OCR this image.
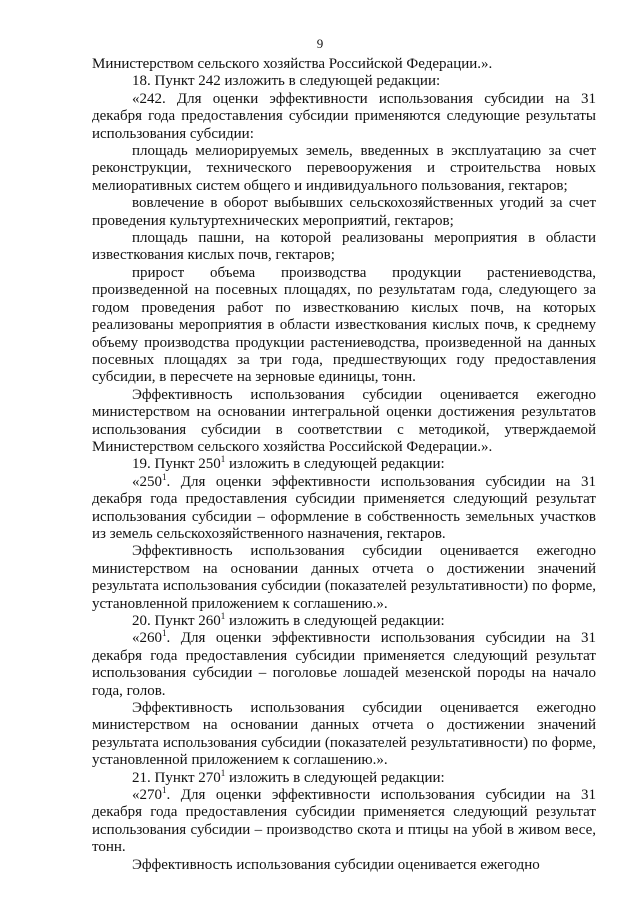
9

Министерством сельского хозяйства Российской Федерации.».

18. Пункт 242 изложить в следующей редакции:

«242. Для оценки эффективности использования субсидии на 31 декабря года предоставления субсидии применяются следующие результаты использования субсидии:

площадь мелиорируемых земель, введенных в эксплуатацию за счет реконструкции, технического перевооружения и строительства новых мелиоративных систем общего и индивидуального пользования, гектаров;

вовлечение в оборот выбывших сельскохозяйственных угодий за счет проведения культуртехнических мероприятий, гектаров;

площадь пашни, на которой реализованы мероприятия в области известкования кислых почв, гектаров;

прирост объема производства продукции растениеводства, произведенной на посевных площадях, по результатам года, следующего за годом проведения работ по известкованию кислых почв, на которых реализованы мероприятия в области известкования кислых почв, к среднему объему производства продукции растениеводства, произведенной на данных посевных площадях за три года, предшествующих году предоставления субсидии, в пересчете на зерновые единицы, тонн.

Эффективность использования субсидии оценивается ежегодно министерством на основании интегральной оценки достижения результатов использования субсидии в соответствии с методикой, утверждаемой Министерством сельского хозяйства Российской Федерации.».

19. Пункт $250^1$ изложить в следующей редакции:

«$250^1$. Для оценки эффективности использования субсидии на 31 декабря года предоставления субсидии применяется следующий результат использования субсидии – оформление в собственность земельных участков из земель сельскохозяйственного назначения, гектаров.

Эффективность использования субсидии оценивается ежегодно министерством на основании данных отчета о достижении значений результата использования субсидии (показателей результативности) по форме, установленной приложением к соглашению.».

20. Пункт $260^1$ изложить в следующей редакции:

«$260^1$. Для оценки эффективности использования субсидии на 31 декабря года предоставления субсидии применяется следующий результат использования субсидии – поголовье лошадей мезенской породы на начало года, голов.

Эффективность использования субсидии оценивается ежегодно министерством на основании данных отчета о достижении значений результата использования субсидии (показателей результативности) по форме, установленной приложением к соглашению.».

21. Пункт $270^1$ изложить в следующей редакции:

«$270^1$. Для оценки эффективности использования субсидии на 31 декабря года предоставления субсидии применяется следующий результат использования субсидии – производство скота и птицы на убой в живом весе, тонн.

Эффективность использования субсидии оценивается ежегодно
